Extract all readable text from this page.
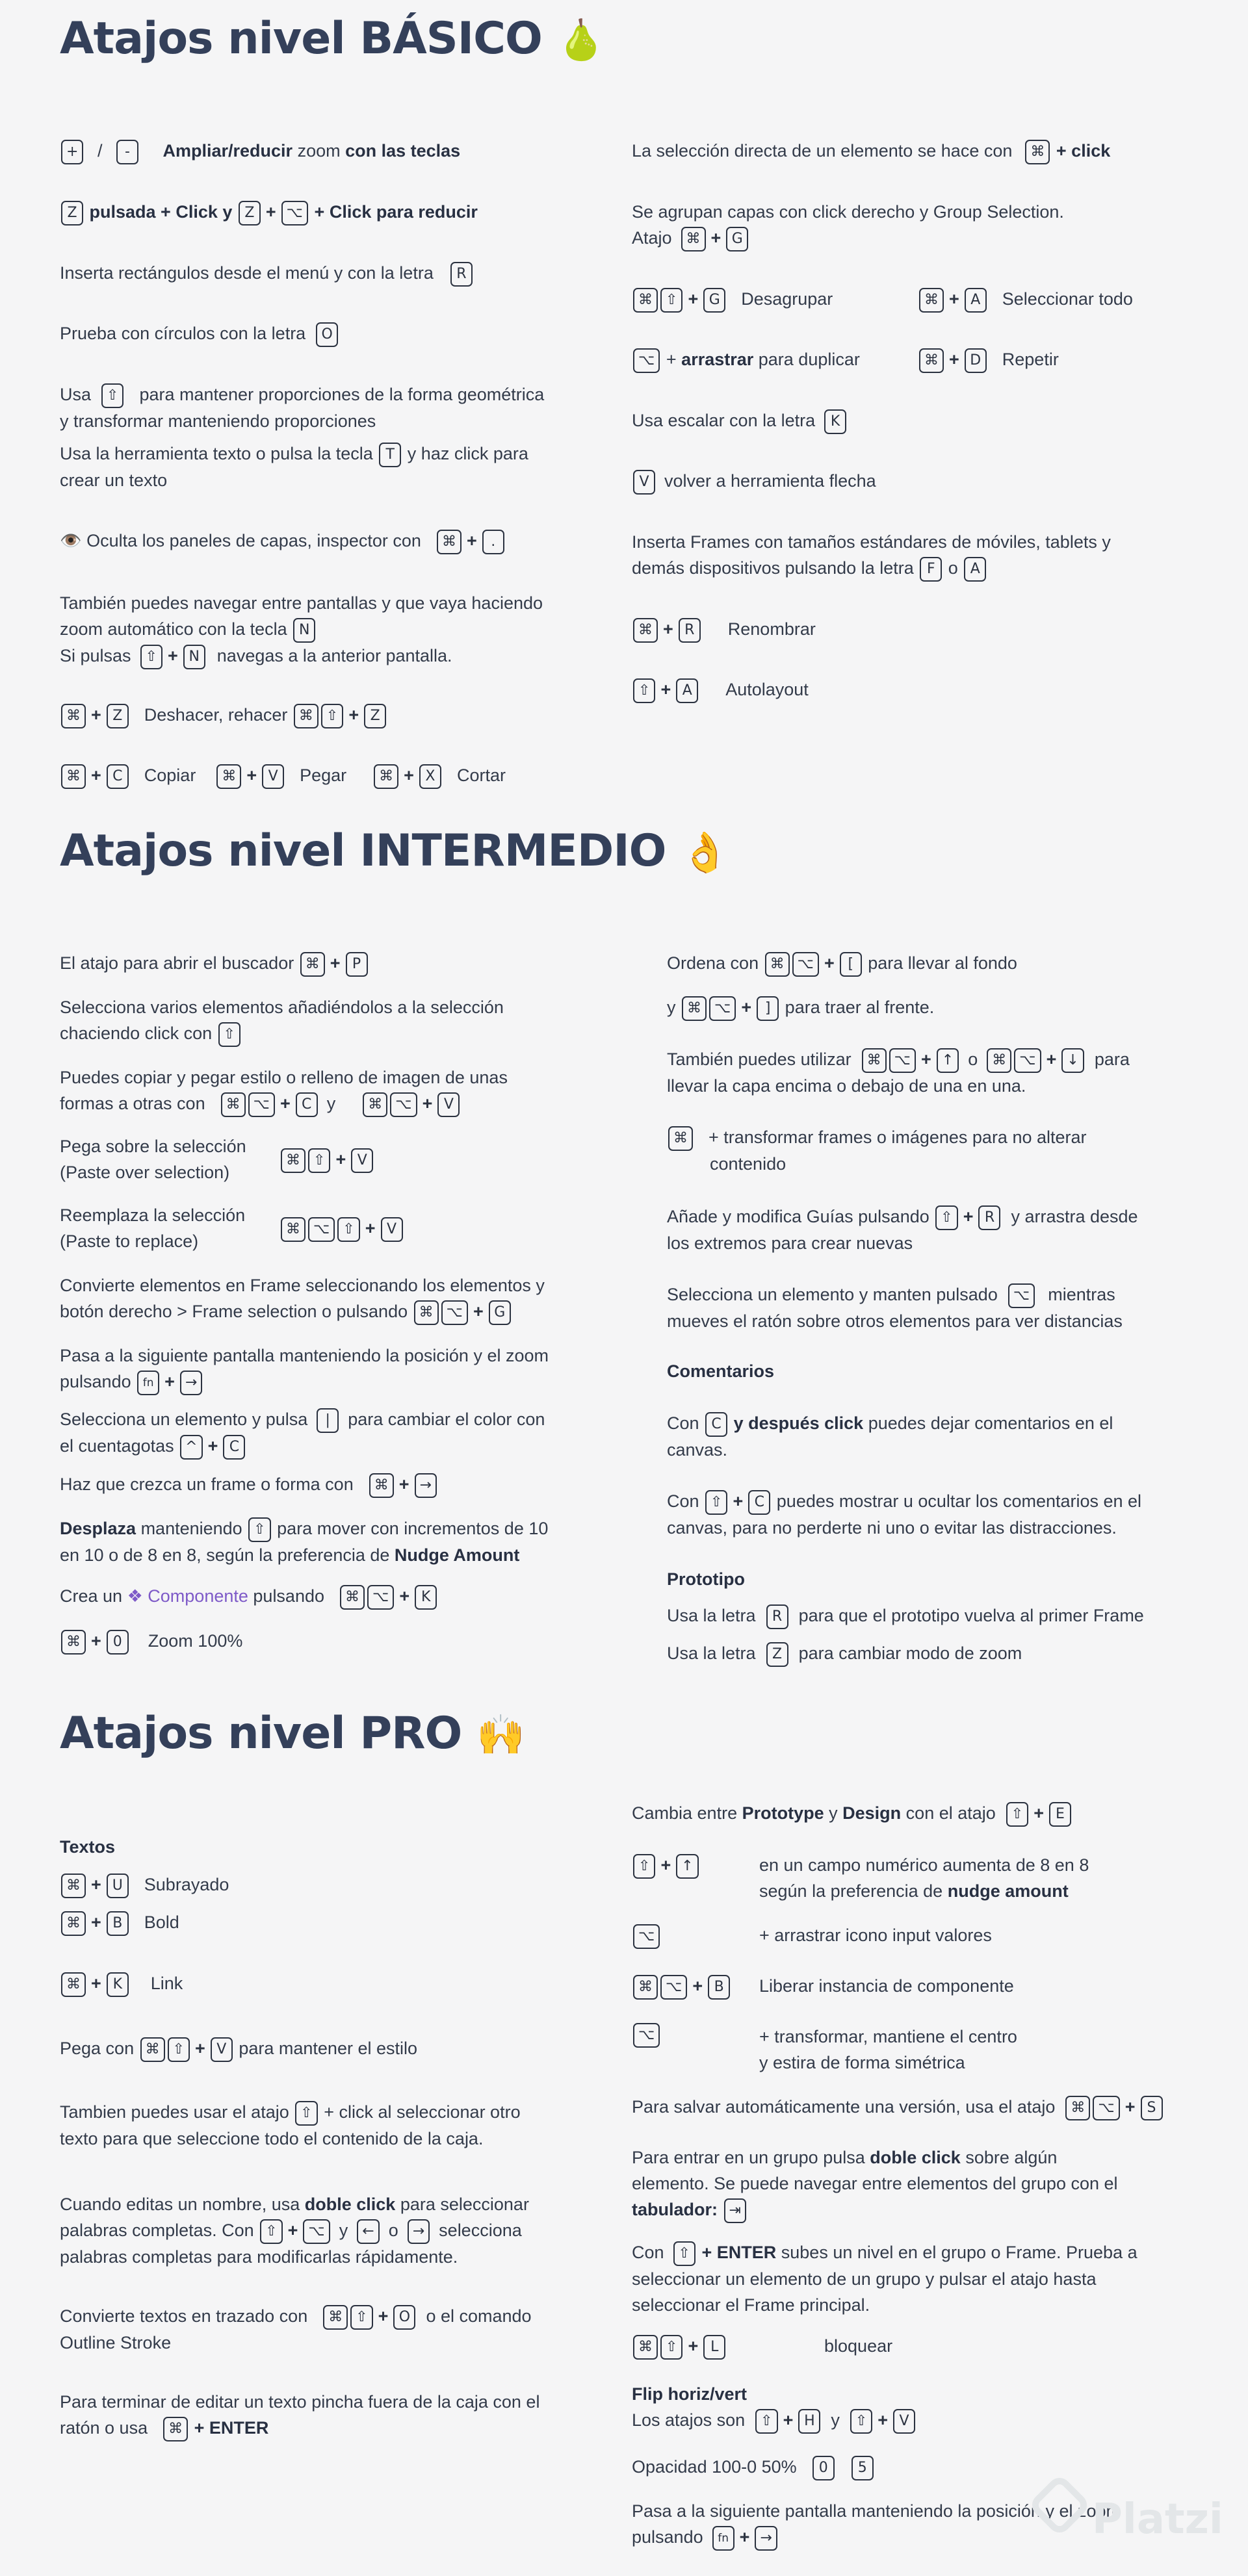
Atajos nivel BÁSICO 🍐
+ / - Ampliar/reducir zoom con las teclas
Z pulsada + Click y Z + ⌥ + Click para reducir
Inserta rectángulos desde el menú y con la letra R
Prueba con círculos con la letra O
Usa ⇧ para mantener proporciones de la forma geométrica
y transformar manteniendo proporciones
Usa la herramienta texto o pulsa la tecla T y haz click para
crear un texto
👁️ Oculta los paneles de capas, inspector con ⌘ + .
También puedes navegar entre pantallas y que vaya haciendo
zoom automático con la tecla N
Si pulsas ⇧ + N navegas a la anterior pantalla.
⌘ + Z Deshacer, rehacer ⌘ ⇧ + Z
⌘ + C Copiar ⌘ + V Pegar ⌘ + X Cortar
La selección directa de un elemento se hace con ⌘ + click
Se agrupan capas con click derecho y Group Selection.
Atajo ⌘ + G
⌘ ⇧ + G Desagrupar	⌘ + A Seleccionar todo
⌥ + arrastrar para duplicar	⌘ + D Repetir
Usa escalar con la letra K
V volver a herramienta flecha
Inserta Frames con tamaños estándares de móviles, tablets y
demás dispositivos pulsando la letra F o A
⌘ + R Renombrar
⇧ + A Autolayout
Atajos nivel INTERMEDIO 👌
El atajo para abrir el buscador ⌘ + P
Selecciona varios elementos añadiéndolos a la selección
chaciendo click con ⇧
Puedes copiar y pegar estilo o relleno de imagen de unas
formas a otras con ⌘ ⌥ + C y ⌘ ⌥ + V
Pega sobre la selección
(Paste over selection)
⌘ ⇧ + V
Reemplaza la selección
(Paste to replace)
⌘ ⌥ ⇧ + V
Convierte elementos en Frame seleccionando los elementos y
botón derecho > Frame selection o pulsando ⌘ ⌥ + G
Pasa a la siguiente pantalla manteniendo la posición y el zoom
pulsando fn + →
Selecciona un elemento y pulsa | para cambiar el color con
el cuentagotas ^ + C
Haz que crezca un frame o forma con ⌘ + →
Desplaza manteniendo ⇧ para mover con incrementos de 10
en 10 o de 8 en 8, según la preferencia de Nudge Amount
Crea un ❖ Componente pulsando ⌘ ⌥ + K
⌘ + 0 Zoom 100%
Ordena con ⌘ ⌥ + [ para llevar al fondo
y ⌘ ⌥ + ] para traer al frente.
También puedes utilizar ⌘ ⌥ + ↑ o ⌘ ⌥ + ↓ para
llevar la capa encima o debajo de una en una.
⌘ + transformar frames o imágenes para no alterar
contenido
Añade y modifica Guías pulsando ⇧ + R y arrastra desde
los extremos para crear nuevas
Selecciona un elemento y manten pulsado ⌥ mientras
mueves el ratón sobre otros elementos para ver distancias
Comentarios
Con C y después click puedes dejar comentarios en el
canvas.
Con ⇧ + C puedes mostrar u ocultar los comentarios en el
canvas, para no perderte ni uno o evitar las distracciones.
Prototipo
Usa la letra R para que el prototipo vuelva al primer Frame
Usa la letra Z para cambiar modo de zoom
Atajos nivel PRO 🙌
Textos
⌘ + U Subrayado
⌘ + B Bold
⌘ + K Link
Pega con ⌘ ⇧ + V para mantener el estilo
Tambien puedes usar el atajo ⇧ + click al seleccionar otro
texto para que seleccione todo el contenido de la caja.
Cuando editas un nombre, usa doble click para seleccionar
palabras completas. Con ⇧ + ⌥ y ← o → selecciona
palabras completas para modificarlas rápidamente.
Convierte textos en trazado con ⌘ ⇧ + O o el comando
Outline Stroke
Para terminar de editar un texto pincha fuera de la caja con el
ratón o usa ⌘ + ENTER
Cambia entre Prototype y Design con el atajo ⇧ + E
⇧ + ↑	en un campo numérico aumenta de 8 en 8
según la preferencia de nudge amount
⌥	+ arrastrar icono input valores
⌘ ⌥ + B	Liberar instancia de componente
⌥	+ transformar, mantiene el centro
y estira de forma simétrica
Para salvar automáticamente una versión, usa el atajo ⌘ ⌥ + S
Para entrar en un grupo pulsa doble click sobre algún
elemento. Se puede navegar entre elementos del grupo con el
tabulador: ⇥
Con ⇧ + ENTER subes un nivel en el grupo o Frame. Prueba a
seleccionar un elemento de un grupo y pulsar el atajo hasta
seleccionar el Frame principal.
⌘ ⇧ + L	bloquear
Flip horiz/vert
Los atajos son ⇧ + H y ⇧ + V
Opacidad 100-0 50% 0 5
Pasa a la siguiente pantalla manteniendo la posición y el zoom
pulsando fn + →	Platzi
